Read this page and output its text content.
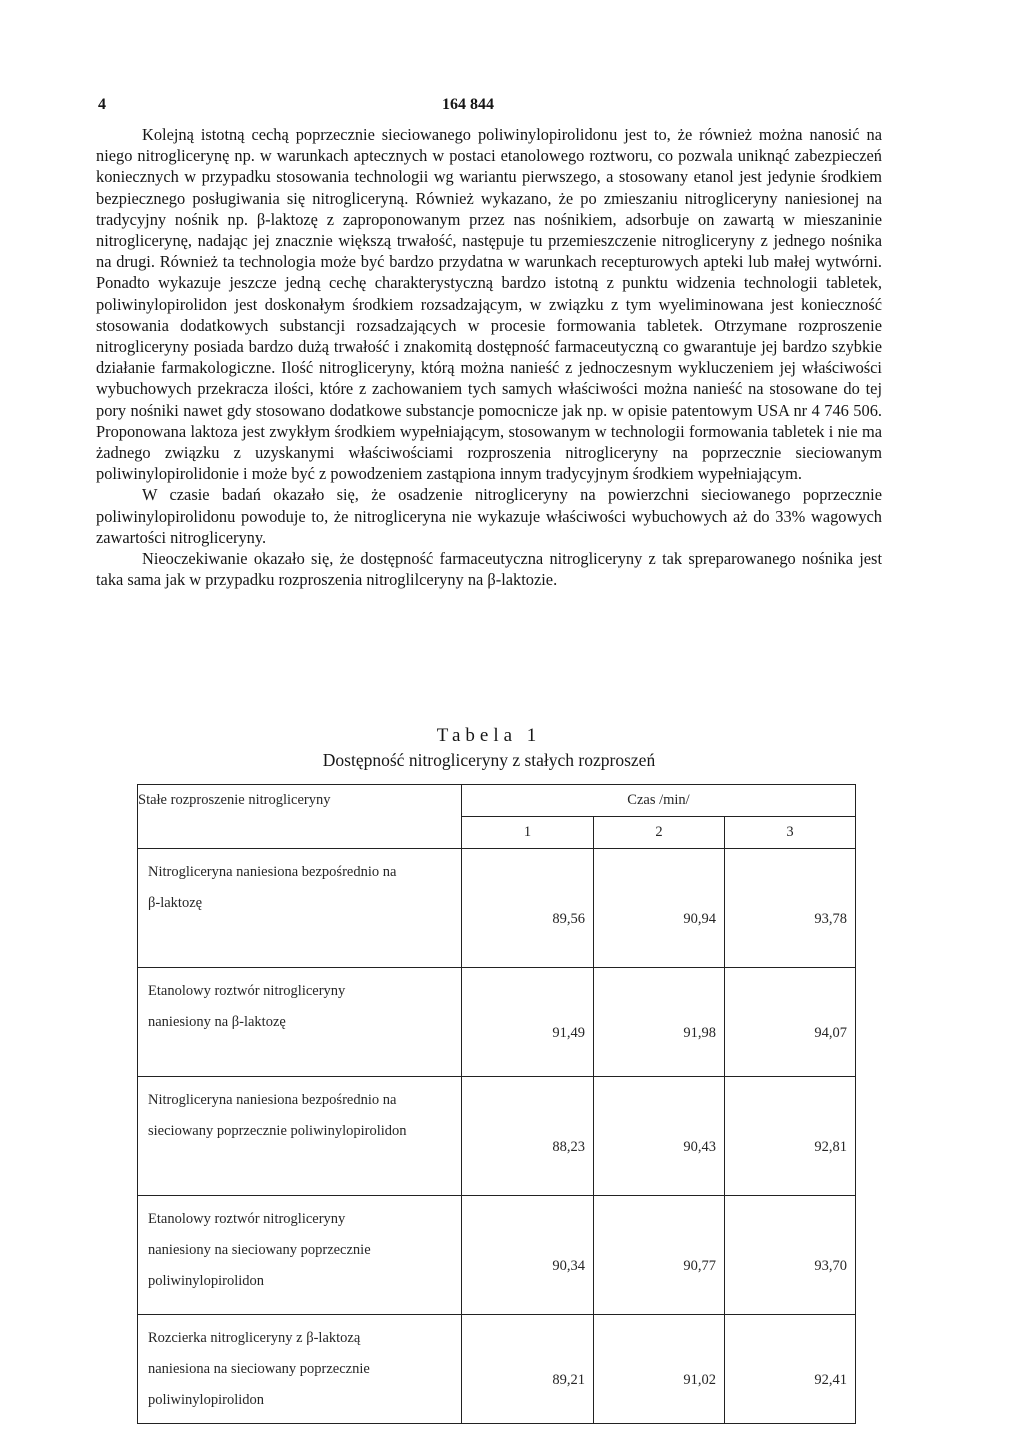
4	164 844

Kolejną istotną cechą poprzecznie sieciowanego poliwinylopirolidonu jest to, że również można nanosić na niego nitroglicerynę np. w warunkach aptecznych w postaci etanolowego roztworu, co pozwala uniknąć zabezpieczeń koniecznych w przypadku stosowania technologii wg wariantu pierwszego, a stosowany etanol jest jedynie środkiem bezpiecznego posługiwania się nitrogliceryną. Również wykazano, że po zmieszaniu nitrogliceryny naniesionej na tradycyjny nośnik np. β-laktozę z zaproponowanym przez nas nośnikiem, adsorbuje on zawartą w mieszaninie nitroglicerynę, nadając jej znacznie większą trwałość, następuje tu przemieszczenie nitrogliceryny z jednego nośnika na drugi. Również ta technologia może być bardzo przydatna w warunkach recepturowych apteki lub małej wytwórni. Ponadto wykazuje jeszcze jedną cechę charakterystyczną bardzo istotną z punktu widzenia technologii tabletek, poliwinylopirolidon jest doskonałym środkiem rozsadzającym, w związku z tym wyeliminowana jest konieczność stosowania dodatkowych substancji rozsadzających w procesie formowania tabletek. Otrzymane rozproszenie nitrogliceryny posiada bardzo dużą trwałość i znakomitą dostępność farmaceutyczną co gwarantuje jej bardzo szybkie działanie farmakologiczne. Ilość nitrogliceryny, którą można nanieść z jednoczesnym wykluczeniem jej właściwości wybuchowych przekracza ilości, które z zachowaniem tych samych właściwości można nanieść na stosowane do tej pory nośniki nawet gdy stosowano dodatkowe substancje pomocnicze jak np. w opisie patentowym USA nr 4 746 506. Proponowana laktoza jest zwykłym środkiem wypełniającym, stosowanym w technologii formowania tabletek i nie ma żadnego związku z uzyskanymi właściwościami rozproszenia nitrogliceryny na poprzecznie sieciowanym poliwinylopirolidonie i może być z powodzeniem zastąpiona innym tradycyjnym środkiem wypełniającym.

W czasie badań okazało się, że osadzenie nitrogliceryny na powierzchni sieciowanego poprzecznie poliwinylopirolidonu powoduje to, że nitrogliceryna nie wykazuje właściwości wybuchowych aż do 33% wagowych zawartości nitrogliceryny.

Nieoczekiwanie okazało się, że dostępność farmaceutyczna nitrogliceryny z tak spreparowanego nośnika jest taka sama jak w przypadku rozproszenia nitroglilceryny na β-laktozie.

Tabela 1
Dostępność nitrogliceryny z stałych rozproszeń
Stałe rozproszenie nitrogliceryny	Czas /min/		
	1	2	3

Nitrogliceryna naniesiona bezpośrednio na
β-laktozę	89,56	90,94	93,78

Etanolowy roztwór nitrogliceryny
naniesiony na β-laktozę	91,49	91,98	94,07

Nitrogliceryna naniesiona bezpośrednio na
sieciowany poprzecznie poliwinylopirolidon	88,23	90,43	92,81

Etanolowy roztwór nitrogliceryny
naniesiony na sieciowany poprzecznie
poliwinylopirolidon	90,34	90,77	93,70

Rozcierka nitrogliceryny z β-laktozą
naniesiona na sieciowany poprzecznie
poliwinylopirolidon	89,21	91,02	92,41
